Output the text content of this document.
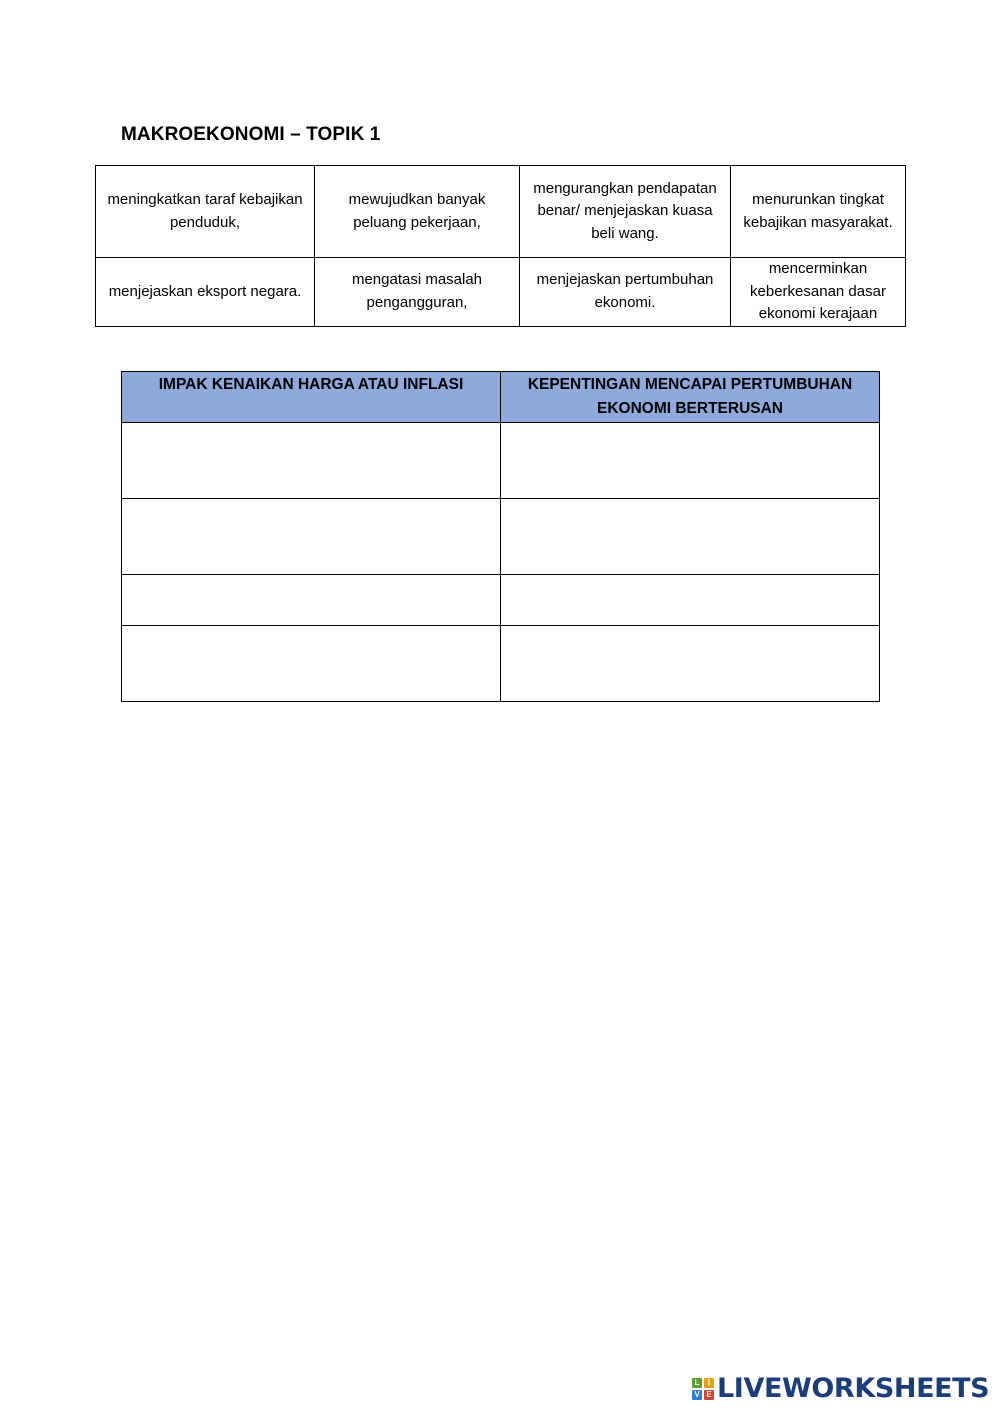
MAKROEKONOMI – TOPIK 1
meningkatkan taraf kebajikan penduduk,	mewujudkan banyak peluang pekerjaan,	mengurangkan pendapatan benar/ menjejaskan kuasa beli wang.	menurunkan tingkat kebajikan masyarakat.
menjejaskan eksport negara.	mengatasi masalah pengangguran,	menjejaskan pertumbuhan ekonomi.	mencerminkan keberkesanan dasar ekonomi kerajaan
IMPAK KENAIKAN HARGA ATAU INFLASI	KEPENTINGAN MENCAPAI PERTUMBUHAN EKONOMI BERTERUSAN

L	I
V E LIVEWORKSHEETS
